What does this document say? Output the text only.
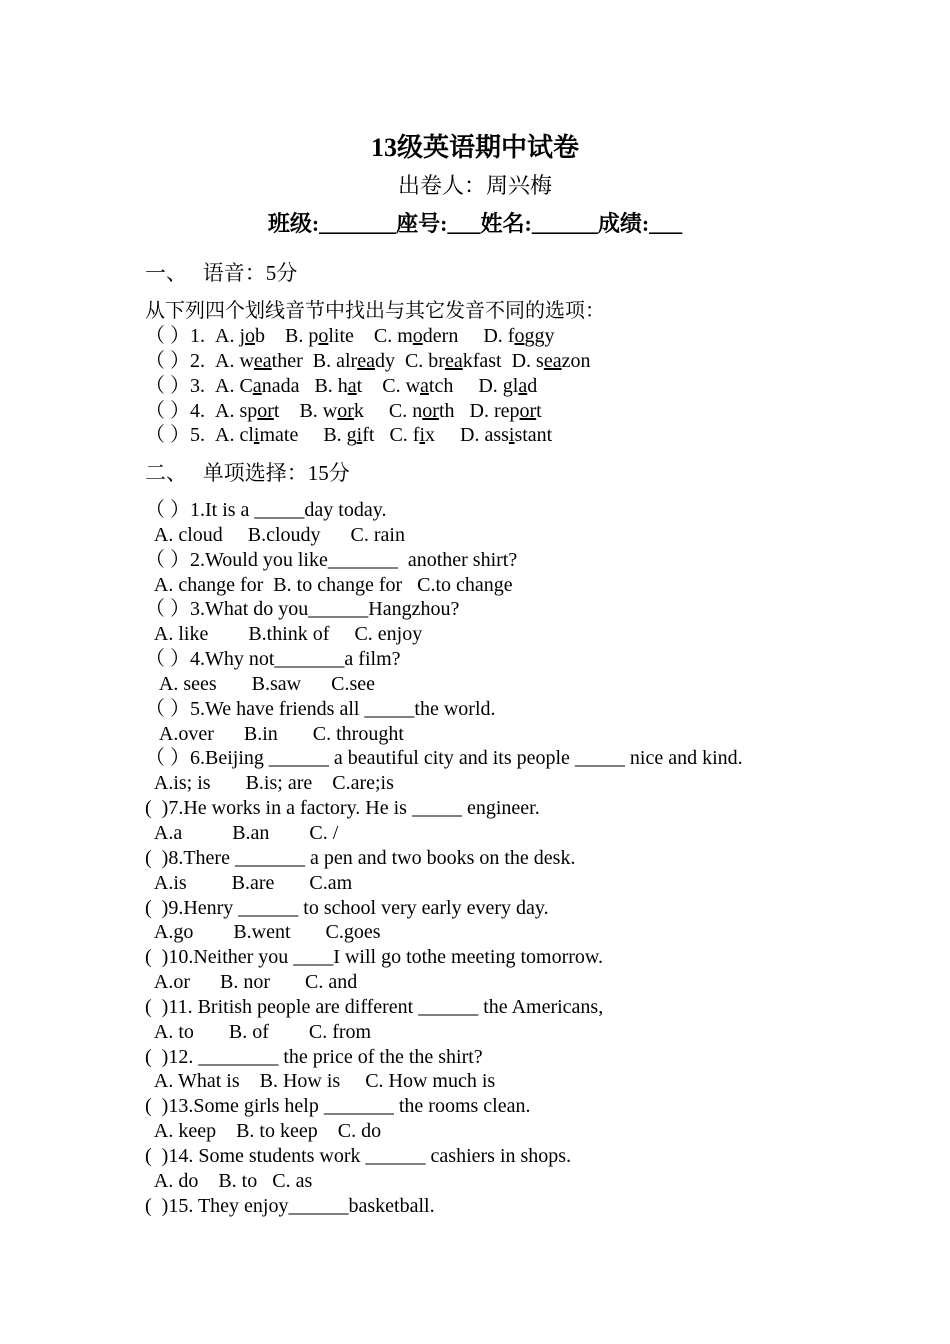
13级英语期中试卷
出卷人：周兴梅
班级:_______座号:___姓名:______成绩:___
一、   语音：5分
从下列四个划线音节中找出与其它发音不同的选项：
（ ）1.  A. job    B. polite    C. modern     D. foggy
（ ）2.  A. weather  B. already  C. breakfast  D. seazon
（ ）3.  A. Canada   B. hat    C. watch     D. glad
（ ）4.  A. sport    B. work     C. north   D. report
（ ）5.  A. climate     B. gift   C. fix     D. assistant
二、   单项选择：15分
（ ）1.It is a _____day today.
A. cloud     B.cloudy      C. rain
（ ）2.Would you like_______  another shirt?
A. change for  B. to change for   C.to change
（ ）3.What do you______Hangzhou?
A. like        B.think of     C. enjoy
（ ）4.Why not_______a film?
A. sees       B.saw      C.see
（ ）5.We have friends all _____the world.
A.over      B.in       C. throught
（ ）6.Beijing ______ a beautiful city and its people _____ nice and kind.
A.is; is       B.is; are    C.are;is
(  )7.He works in a factory. He is _____ engineer.
A.a          B.an        C. /
(  )8.There _______ a pen and two books on the desk.
A.is         B.are       C.am
(  )9.Henry ______ to school very early every day.
A.go        B.went       C.goes
(  )10.Neither you ____I will go tothe meeting tomorrow.
A.or      B. nor       C. and
(  )11. British people are different ______ the Americans,
A. to       B. of        C. from
(  )12. ________ the price of the the shirt?
A. What is    B. How is     C. How much is
(  )13.Some girls help _______ the rooms clean.
A. keep    B. to keep    C. do
(  )14. Some students work ______ cashiers in shops.
A. do    B. to   C. as
(  )15. They enjoy______basketball.
